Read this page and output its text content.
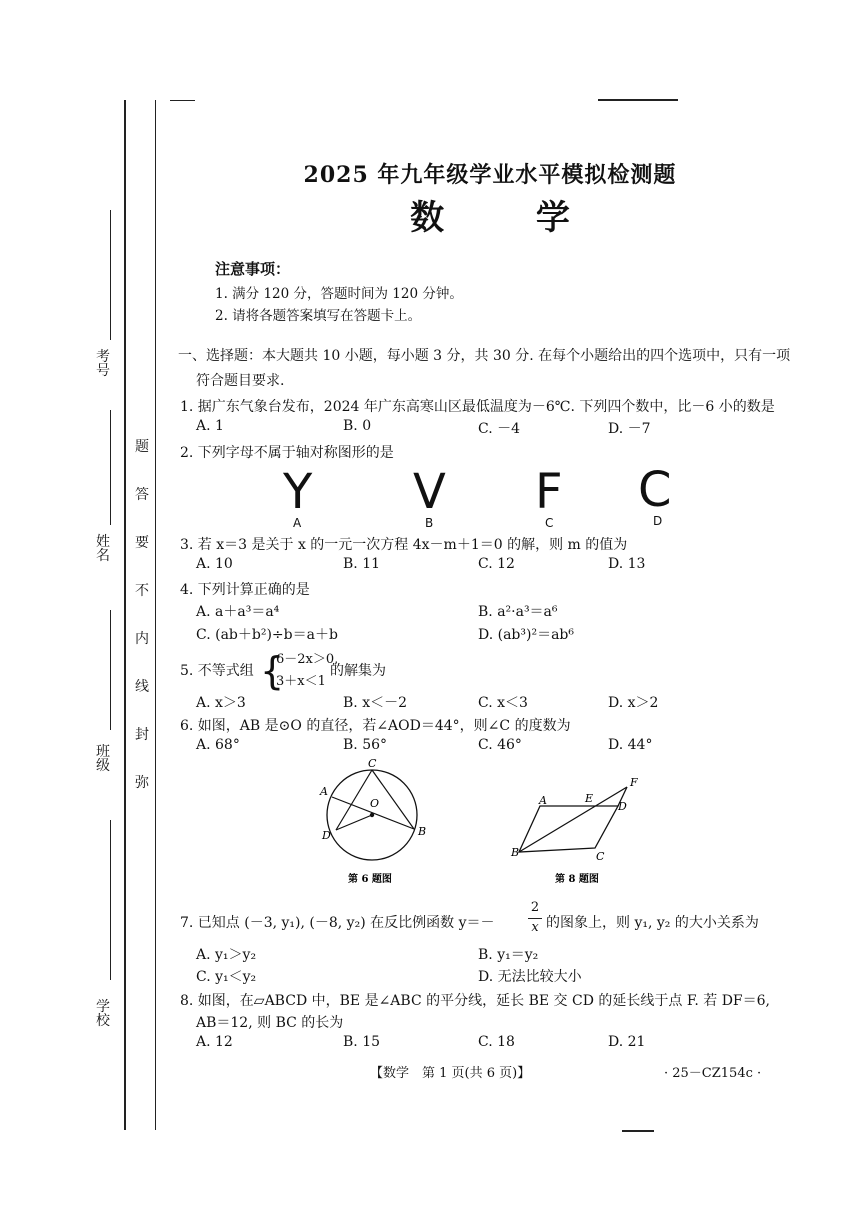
考号
姓名
班级
学校
题
答
要
不
内
线
封
弥
2025 年九年级学业水平模拟检测题
数 学
注意事项：
1. 满分 120 分，答题时间为 120 分钟。
2. 请将各题答案填写在答题卡上。
一、选择题：本大题共 10 小题，每小题 3 分，共 30 分. 在每个小题给出的四个选项中，只有一项
符合题目要求.
1. 据广东气象台发布，2024 年广东高寒山区最低温度为－6℃. 下列四个数中，比－6 小的数是
A. 1	B. 0	C. －4	D. －7
2. 下列字母不属于轴对称图形的是
Y V F C
A	B	C	D
3. 若 x＝3 是关于 x 的一元一次方程 4x－m＋1＝0 的解，则 m 的值为
A. 10	B. 11	C. 12	D. 13
4. 下列计算正确的是
A. a＋a³＝a⁴	B. a²·a³＝a⁶
C. (ab＋b²)÷b＝a＋b	D. (ab³)²＝ab⁶
5. 不等式组 {
6－2x＞0,
3＋x＜1
的解集为
A. x＞3	B. x＜－2	C. x＜3	D. x＞2
6. 如图，AB 是⊙O 的直径，若∠AOD＝44°，则∠C 的度数为
A. 68°	B. 56°	C. 46°	D. 44°
C
A
O
D	B
第 6 题图
A	E
F
D
B	C
第 8 题图
7. 已知点 (－3, y₁), (－8, y₂) 在反比例函数 y＝－
2
x 的图象上，则 y₁, y₂ 的大小关系为
A. y₁＞y₂	B. y₁＝y₂
C. y₁＜y₂	D. 无法比较大小
8. 如图，在▱ABCD 中，BE 是∠ABC 的平分线，延长 BE 交 CD 的延长线于点 F. 若 DF＝6,
AB＝12, 则 BC 的长为
A. 12	B. 15	C. 18	D. 21
【数学　第 1 页(共 6 页)】	· 25－CZ154c ·
